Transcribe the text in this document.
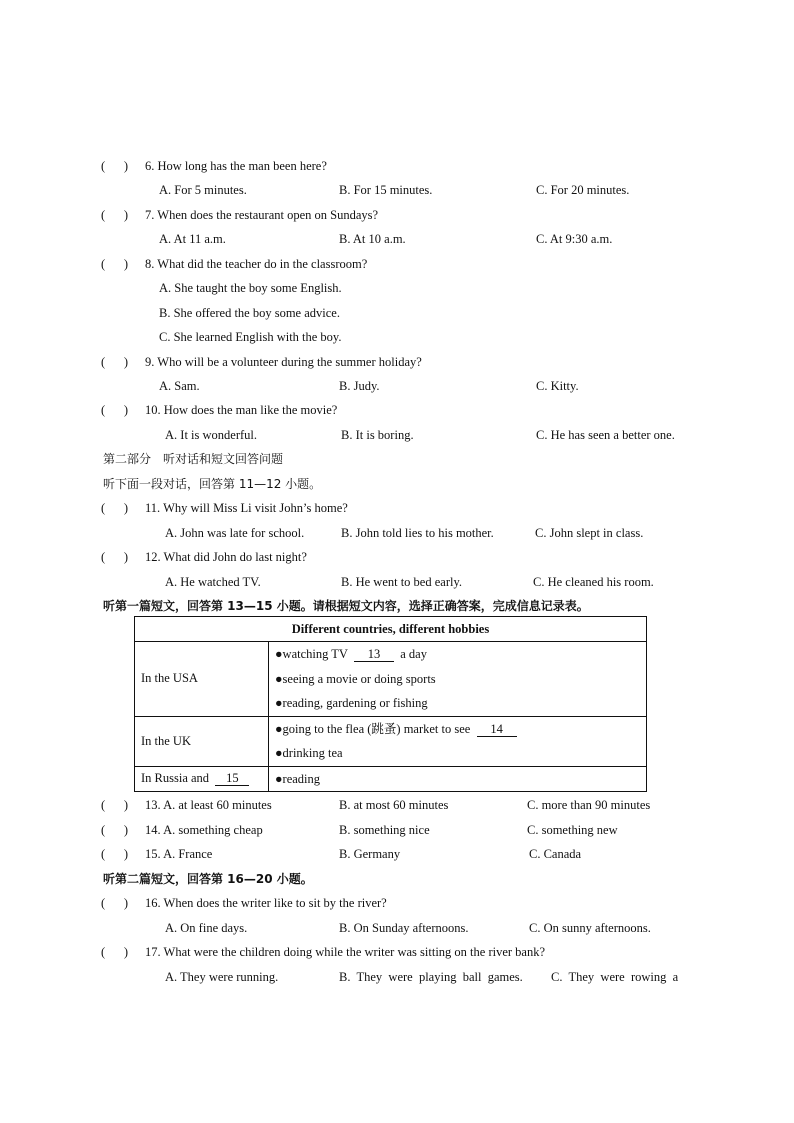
(      ) 6. How long has the man been here?
A. For 5 minutes.	B. For 15 minutes.	C. For 20 minutes.
(      ) 7. When does the restaurant open on Sundays?
A. At 11 a.m.	B. At 10 a.m.	C. At 9:30 a.m.
(      ) 8. What did the teacher do in the classroom?
A. She taught the boy some English.
B. She offered the boy some advice.
C. She learned English with the boy.
(      ) 9. Who will be a volunteer during the summer holiday?
A. Sam.	B. Judy.	C. Kitty.
(      ) 10. How does the man like the movie?
A. It is wonderful.	B. It is boring.	C. He has seen a better one.
第二部分　听对话和短文回答问题
听下面一段对话，回答第 11—12 小题。
(      ) 11. Why will Miss Li visit John’s home?
A. John was late for school.	B. John told lies to his mother.	C. John slept in class.
(      ) 12. What did John do last night?
A. He watched TV.	B. He went to bed early.	C. He cleaned his room.
听第一篇短文，回答第 13—15 小题。请根据短文内容，选择正确答案，完成信息记录表。
Different countries, different hobbies	
In the USA	●watching TV 13 a day
●seeing a movie or doing sports
●reading, gardening or fishing

In the UK	●going to the flea (跳蚤) market to see 14
●drinking tea

In Russia and 15	●reading
(      ) 13. A. at least 60 minutes	B. at most 60 minutes	C. more than 90 minutes
(      ) 14. A. something cheap	B. something nice	C. something new
(      ) 15. A. France	B. Germany	C. Canada
听第二篇短文，回答第 16—20 小题。
(      ) 16. When does the writer like to sit by the river?
A. On fine days.	B. On Sunday afternoons.	C. On sunny afternoons.
(      ) 17. What were the children doing while the writer was sitting on the river bank?
A. They were running.	B.  They  were  playing  ball  games. C.  They  were  rowing  a
